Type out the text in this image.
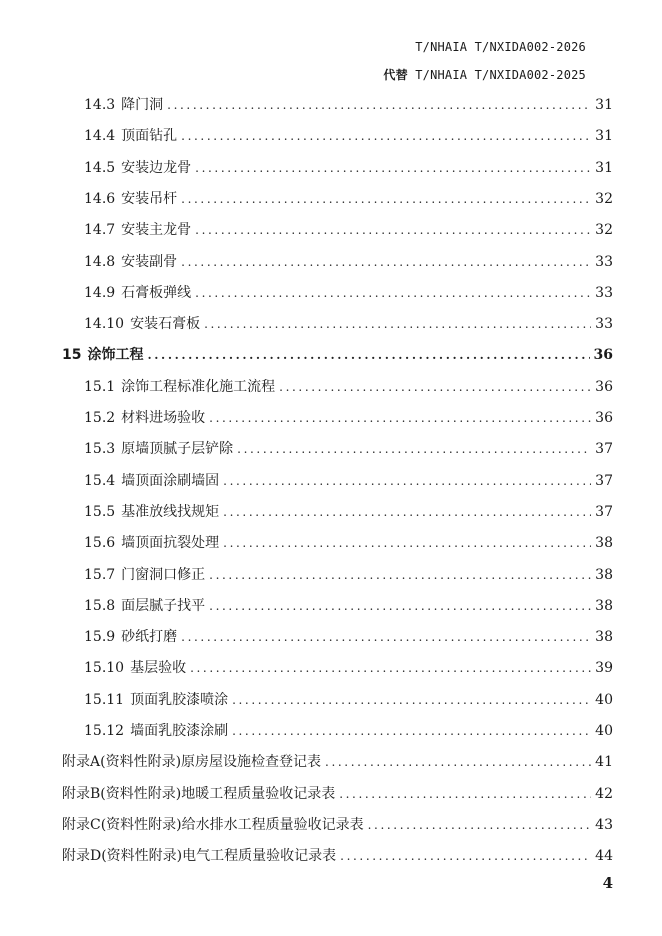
T/NHAIA T/NXIDA002-2026
代替 T/NHAIA T/NXIDA002-2025
14.3 降门洞 .....	31
14.4 顶面钻孔 .....	31
14.5 安装边龙骨 .....	31
14.6 安装吊杆 .....	32
14.7 安装主龙骨 .....	32
14.8 安装副骨 .....	33
14.9 石膏板弹线 .....	33
14.10 安装石膏板 .....	33
15 涂饰工程 .....	36
15.1 涂饰工程标准化施工流程 .....	36
15.2 材料进场验收 .....	36
15.3 原墙顶腻子层铲除 .....	37
15.4 墙顶面涂刷墙固 .....	37
15.5 基准放线找规矩 .....	37
15.6 墙顶面抗裂处理 .....	38
15.7 门窗洞口修正 .....	38
15.8 面层腻子找平 .....	38
15.9 砂纸打磨 .....	38
15.10 基层验收 .....	39
15.11 顶面乳胶漆喷涂 .....	40
15.12 墙面乳胶漆涂刷 .....	40
附录A(资料性附录)原房屋设施检查登记表 .....	41
附录B(资料性附录)地暖工程质量验收记录表 .....	42
附录C(资料性附录)给水排水工程质量验收记录表 .....	43
附录D(资料性附录)电气工程质量验收记录表 .....	44
4
